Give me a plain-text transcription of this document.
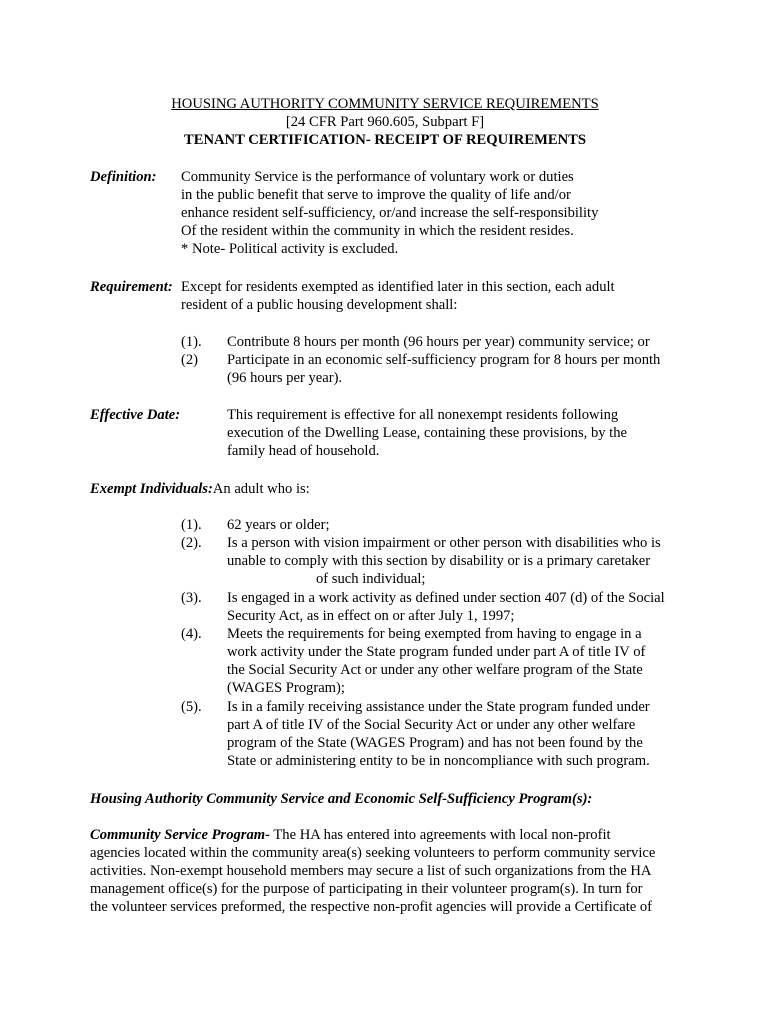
HOUSING AUTHORITY COMMUNITY SERVICE REQUIREMENTS
[24 CFR Part 960.605, Subpart F]
TENANT CERTIFICATION- RECEIPT OF REQUIREMENTS
Definition: Community Service is the performance of voluntary work or duties
in the public benefit that serve to improve the quality of life and/or
enhance resident self-sufficiency, or/and increase the self-responsibility
Of the resident within the community in which the resident resides.
* Note- Political activity is excluded.
Requirement: Except for residents exempted as identified later in this section, each adult
resident of a public housing development shall:
(1). Contribute 8 hours per month (96 hours per year) community service; or
(2) Participate in an economic self-sufficiency program for 8 hours per month
(96 hours per year).
Effective Date:	This requirement is effective for all nonexempt residents following
execution of the Dwelling Lease, containing these provisions, by the
family head of household.
Exempt Individuals:An adult who is:
(1). 62 years or older;
(2). Is a person with vision impairment or other person with disabilities who is
unable to comply with this section by disability or is a primary caretaker
of such individual;
(3). Is engaged in a work activity as defined under section 407 (d) of the Social
Security Act, as in effect on or after July 1, 1997;
(4). Meets the requirements for being exempted from having to engage in a
work activity under the State program funded under part A of title IV of
the Social Security Act or under any other welfare program of the State
(WAGES Program);
(5). Is in a family receiving assistance under the State program funded under
part A of title IV of the Social Security Act or under any other welfare
program of the State (WAGES Program) and has not been found by the
State or administering entity to be in noncompliance with such program.
Housing Authority Community Service and Economic Self-Sufficiency Program(s):
Community Service Program- The HA has entered into agreements with local non-profit
agencies located within the community area(s) seeking volunteers to perform community service
activities. Non-exempt household members may secure a list of such organizations from the HA
management office(s) for the purpose of participating in their volunteer program(s). In turn for
the volunteer services preformed, the respective non-profit agencies will provide a Certificate of
